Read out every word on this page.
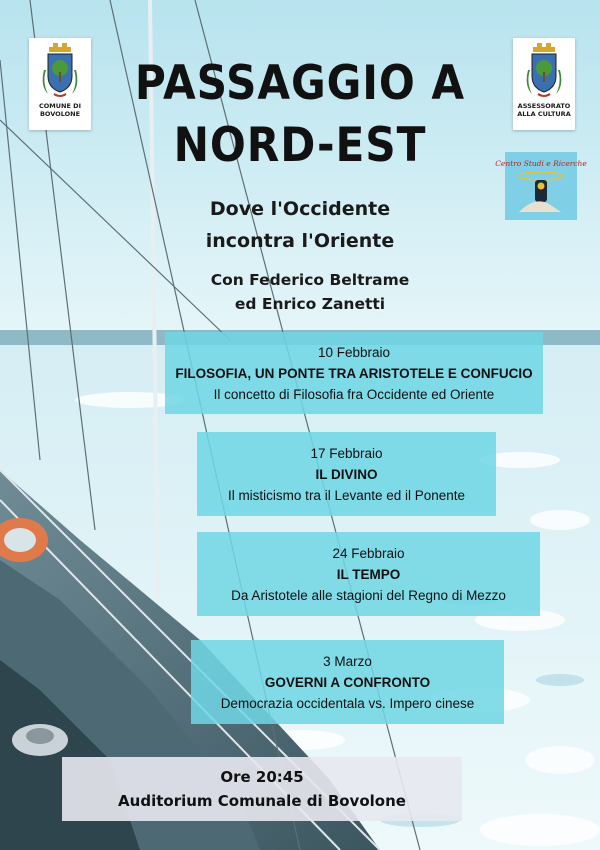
COMUNE DI
BOVOLONE
ASSESSORATO
ALLA CULTURA
Centro Studi e Ricerche
PASSAGGIO A
NORD-EST
Dove l'Occidente
incontra l'Oriente
Con Federico Beltrame
ed Enrico Zanetti
10 Febbraio
FILOSOFIA, UN PONTE TRA ARISTOTELE E CONFUCIO
Il concetto di Filosofia fra Occidente ed Oriente
17 Febbraio
IL DIVINO
Il misticismo tra il Levante ed il Ponente
24 Febbraio
IL TEMPO
Da Aristotele alle stagioni del Regno di Mezzo
3 Marzo
GOVERNI A CONFRONTO
Democrazia occidentala vs. Impero cinese
Ore 20:45
Auditorium Comunale di Bovolone
